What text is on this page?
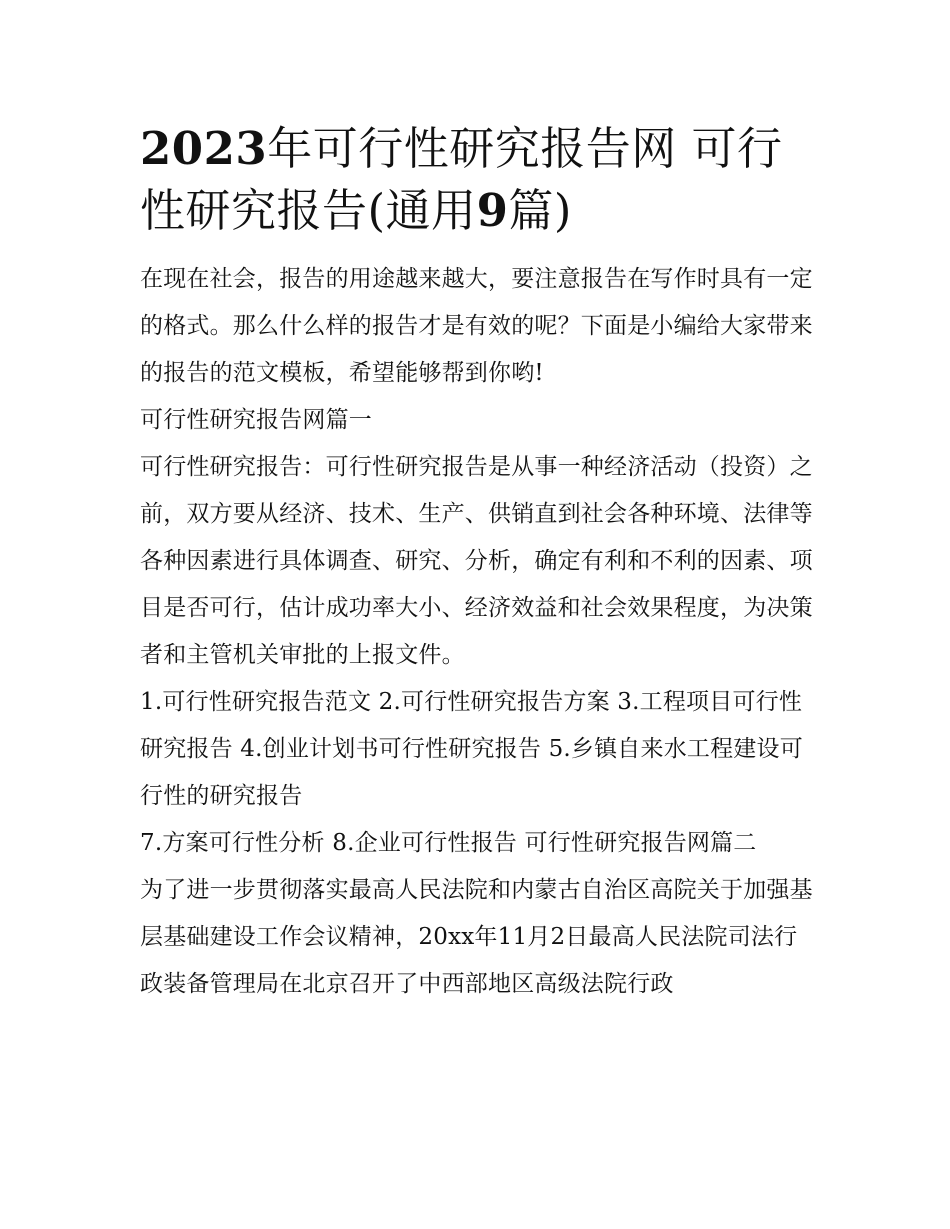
2023年可行性研究报告网 可行性研究报告(通用9篇)

在现在社会，报告的用途越来越大，要注意报告在写作时具有一定的格式。那么什么样的报告才是有效的呢？下面是小编给大家带来的报告的范文模板，希望能够帮到你哟!

可行性研究报告网篇一

可行性研究报告：可行性研究报告是从事一种经济活动（投资）之前，双方要从经济、技术、生产、供销直到社会各种环境、法律等各种因素进行具体调查、研究、分析，确定有利和不利的因素、项目是否可行，估计成功率大小、经济效益和社会效果程度，为决策者和主管机关审批的上报文件。

1.可行性研究报告范文 2.可行性研究报告方案 3.工程项目可行性研究报告 4.创业计划书可行性研究报告 5.乡镇自来水工程建设可行性的研究报告

7.方案可行性分析 8.企业可行性报告 可行性研究报告网篇二

为了进一步贯彻落实最高人民法院和内蒙古自治区高院关于加强基层基础建设工作会议精神，20xx年11月2日最高人民法院司法行政装备管理局在北京召开了中西部地区高级法院行政
